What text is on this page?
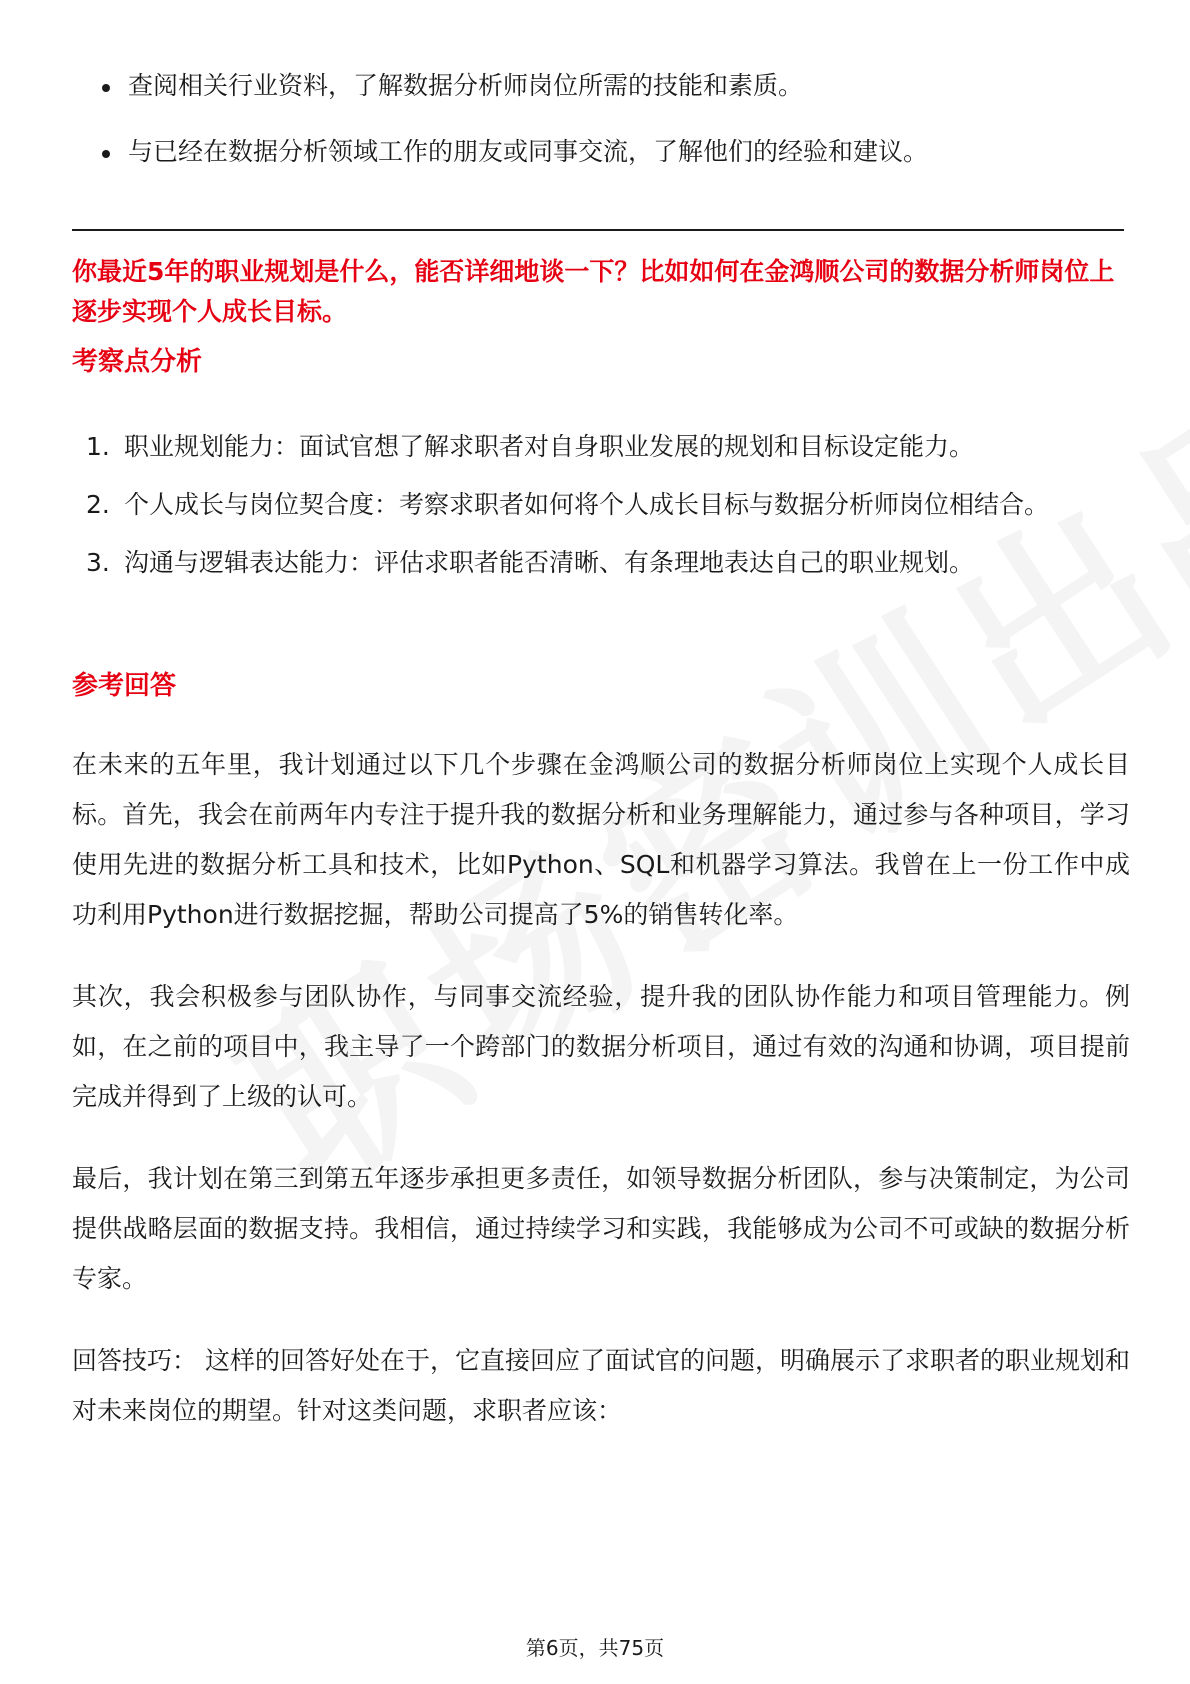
查阅相关行业资料，了解数据分析师岗位所需的技能和素质。
与已经在数据分析领域工作的朋友或同事交流，了解他们的经验和建议。

你最近5年的职业规划是什么，能否详细地谈一下？比如如何在金鸿顺公司的数据分析师岗位上逐步实现个人成长目标。

考察点分析
1. 职业规划能力：面试官想了解求职者对自身职业发展的规划和目标设定能力。
2. 个人成长与岗位契合度：考察求职者如何将个人成长目标与数据分析师岗位相结合。
3. 沟通与逻辑表达能力：评估求职者能否清晰、有条理地表达自己的职业规划。
参考回答

在未来的五年里，我计划通过以下几个步骤在金鸿顺公司的数据分析师岗位上实现个人成长目标。首先，我会在前两年内专注于提升我的数据分析和业务理解能力，通过参与各种项目，学习使用先进的数据分析工具和技术，比如Python、SQL和机器学习算法。我曾在上一份工作中成功利用Python进行数据挖掘，帮助公司提高了5%的销售转化率。

其次，我会积极参与团队协作，与同事交流经验，提升我的团队协作能力和项目管理能力。例如，在之前的项目中，我主导了一个跨部门的数据分析项目，通过有效的沟通和协调，项目提前完成并得到了上级的认可。

最后，我计划在第三到第五年逐步承担更多责任，如领导数据分析团队，参与决策制定，为公司提供战略层面的数据支持。我相信，通过持续学习和实践，我能够成为公司不可或缺的数据分析专家。

回答技巧： 这样的回答好处在于，它直接回应了面试官的问题，明确展示了求职者的职业规划和对未来岗位的期望。针对这类问题，求职者应该：

第6页，共75页
